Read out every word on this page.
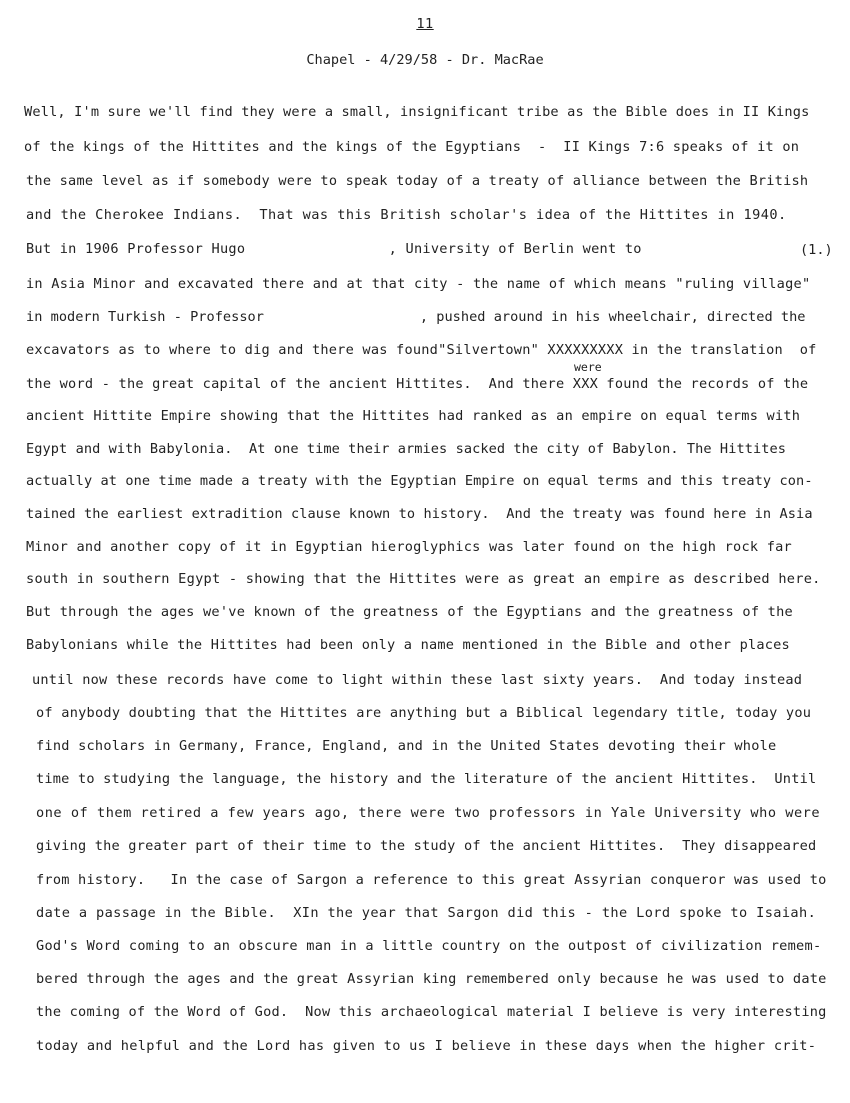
11
Chapel - 4/29/58 - Dr. MacRae
Well, I'm sure we'll find they were a small, insignificant tribe as the Bible does in II Kings
of the kings of the Hittites and the kings of the Egyptians  -  II Kings 7:6 speaks of it on
the same level as if somebody were to speak today of a treaty of alliance between the British
and the Cherokee Indians.  That was this British scholar's idea of the Hittites in 1940.
But in 1906 Professor Hugo                 , University of Berlin went to	(1.)
in Asia Minor and excavated there and at that city - the name of which means "ruling village"
in modern Turkish - Professor                   , pushed around in his wheelchair, directed the
excavators as to where to dig and there was found"Silvertown" XXXXXXXXX in the translation  of
were
the word - the great capital of the ancient Hittites.  And there XXX found the records of the
ancient Hittite Empire showing that the Hittites had ranked as an empire on equal terms with
Egypt and with Babylonia.  At one time their armies sacked the city of Babylon. The Hittites
actually at one time made a treaty with the Egyptian Empire on equal terms and this treaty con-
tained the earliest extradition clause known to history.  And the treaty was found here in Asia
Minor and another copy of it in Egyptian hieroglyphics was later found on the high rock far
south in southern Egypt - showing that the Hittites were as great an empire as described here.
But through the ages we've known of the greatness of the Egyptians and the greatness of the
Babylonians while the Hittites had been only a name mentioned in the Bible and other places
until now these records have come to light within these last sixty years.  And today instead
of anybody doubting that the Hittites are anything but a Biblical legendary title, today you
find scholars in Germany, France, England, and in the United States devoting their whole
time to studying the language, the history and the literature of the ancient Hittites.  Until
one of them retired a few years ago, there were two professors in Yale University who were
giving the greater part of their time to the study of the ancient Hittites.  They disappeared
from history.   In the case of Sargon a reference to this great Assyrian conqueror was used to
date a passage in the Bible.  XIn the year that Sargon did this - the Lord spoke to Isaiah.
God's Word coming to an obscure man in a little country on the outpost of civilization remem-
bered through the ages and the great Assyrian king remembered only because he was used to date
the coming of the Word of God.  Now this archaeological material I believe is very interesting
today and helpful and the Lord has given to us I believe in these days when the higher crit-
